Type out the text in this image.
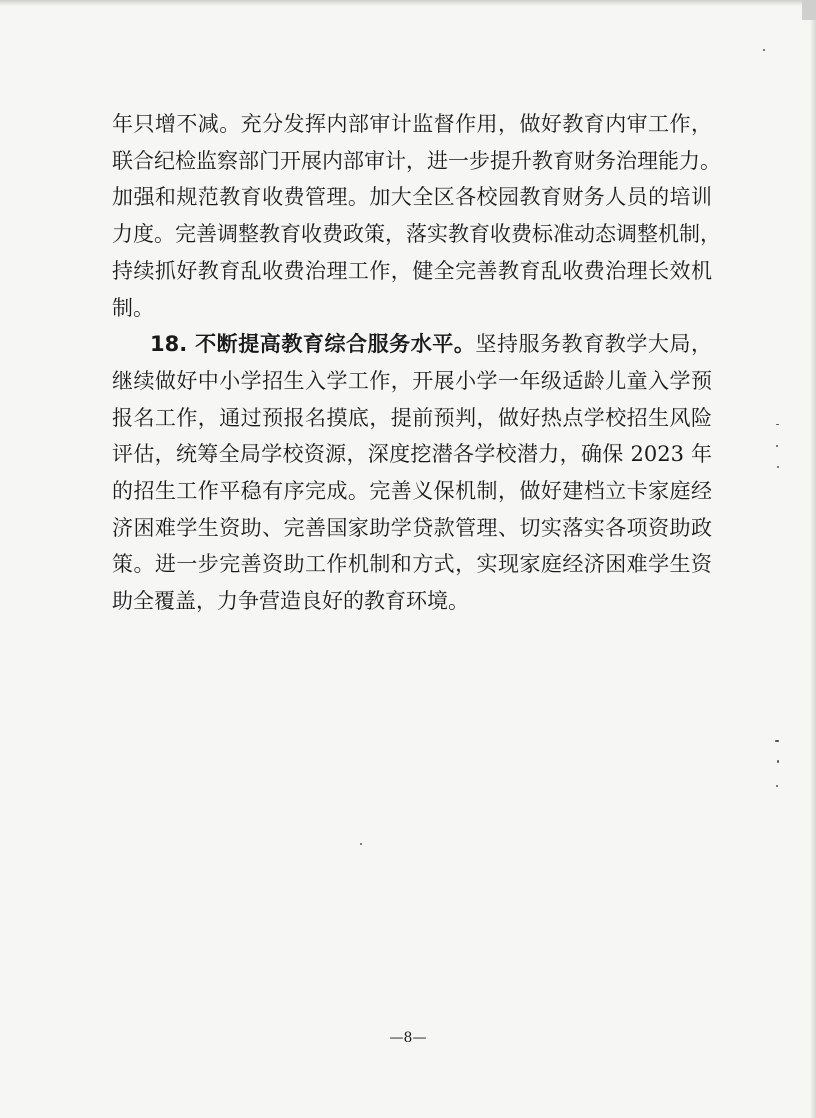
年只增不减。充分发挥内部审计监督作用，做好教育内审工作，
联合纪检监察部门开展内部审计，进一步提升教育财务治理能力。
加强和规范教育收费管理。加大全区各校园教育财务人员的培训
力度。完善调整教育收费政策，落实教育收费标准动态调整机制，
持续抓好教育乱收费治理工作，健全完善教育乱收费治理长效机
制。

18. 不断提高教育综合服务水平。坚持服务教育教学大局，
继续做好中小学招生入学工作，开展小学一年级适龄儿童入学预
报名工作，通过预报名摸底，提前预判，做好热点学校招生风险
评估，统筹全局学校资源，深度挖潜各学校潜力，确保 2023 年
的招生工作平稳有序完成。完善义保机制，做好建档立卡家庭经
济困难学生资助、完善国家助学贷款管理、切实落实各项资助政
策。进一步完善资助工作机制和方式，实现家庭经济困难学生资
助全覆盖，力争营造良好的教育环境。

—8—
